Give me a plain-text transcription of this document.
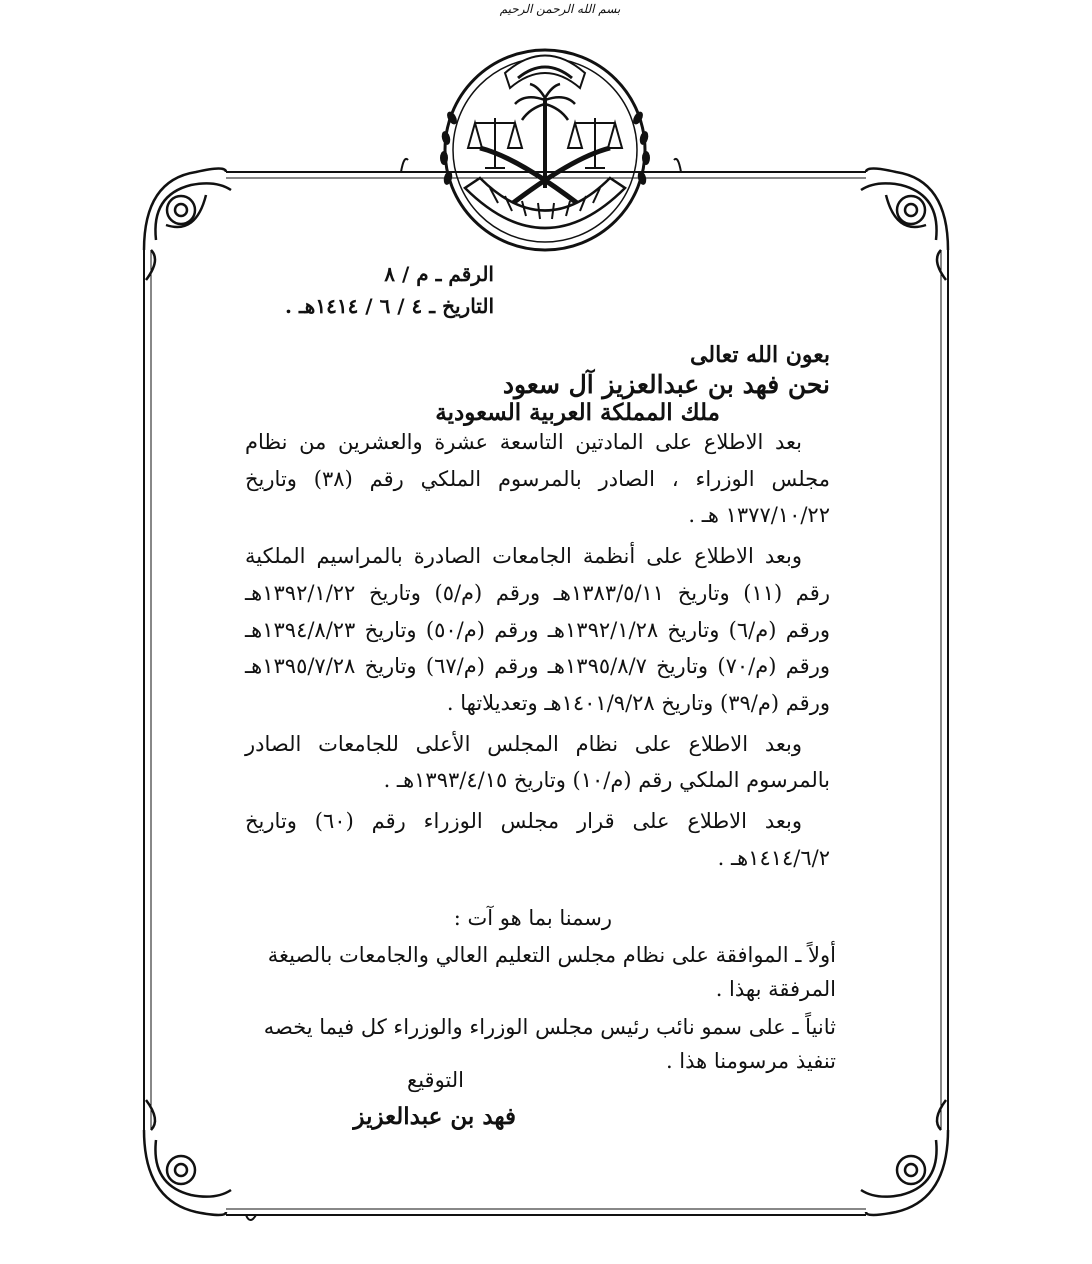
بسم الله الرحمن الرحيم
الرقم ـ م / ٨
التاريخ ـ ٤ / ٦ / ١٤١٤هـ .
بعون الله تعالى
نحن فهد بن عبدالعزيز آل سعود
ملك المملكة العربية السعودية

بعد الاطلاع على المادتين التاسعة عشرة والعشرين من نظام مجلس الوزراء ، الصادر بالمرسوم الملكي رقم (٣٨) وتاريخ ١٣٧٧/١٠/٢٢ هـ .

وبعد الاطلاع على أنظمة الجامعات الصادرة بالمراسيم الملكية رقم (١١) وتاريخ ١٣٨٣/٥/١١هـ ورقم (م/٥) وتاريخ ١٣٩٢/١/٢٢هـ ورقم (م/٦) وتاريخ ١٣٩٢/١/٢٨هـ ورقم (م/٥٠) وتاريخ ١٣٩٤/٨/٢٣هـ ورقم (م/٧٠) وتاريخ ١٣٩٥/٨/٧هـ ورقم (م/٦٧) وتاريخ ١٣٩٥/٧/٢٨هـ ورقم (م/٣٩) وتاريخ ١٤٠١/٩/٢٨هـ وتعديلاتها .

وبعد الاطلاع على نظام المجلس الأعلى للجامعات الصادر بالمرسوم الملكي رقم (م/١٠) وتاريخ ١٣٩٣/٤/١٥هـ .

وبعد الاطلاع على قرار مجلس الوزراء رقم (٦٠) وتاريخ ١٤١٤/٦/٢هـ .

رسمنا بما هو آت :

أولاً ـ الموافقة على نظام مجلس التعليم العالي والجامعات بالصيغة المرفقة بهذا .

ثانياً ـ على سمو نائب رئيس مجلس الوزراء والوزراء كل فيما يخصه تنفيذ مرسومنا هذا .

التوقيع
فهد بن عبدالعزيز
